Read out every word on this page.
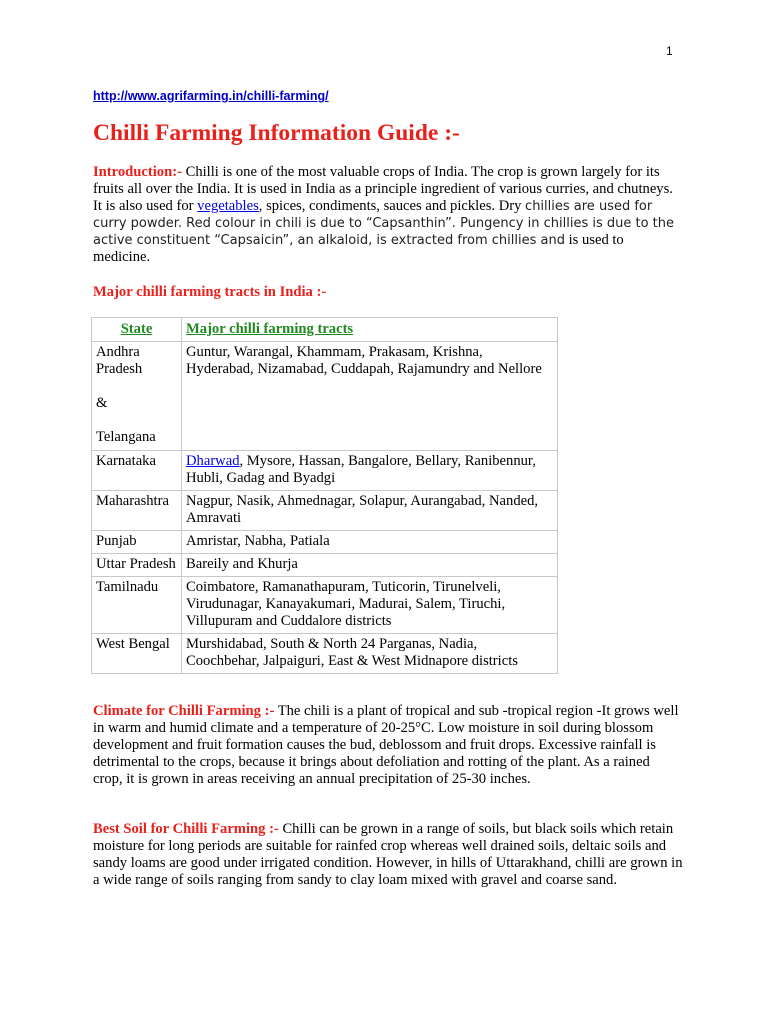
1
http://www.agrifarming.in/chilli-farming/
Chilli Farming Information Guide :-

Introduction:- Chilli is one of the most valuable crops of India. The crop is grown largely for its fruits all over the India. It is used in India as a principle ingredient of various curries, and chutneys. It is also used for vegetables, spices, condiments, sauces and pickles. Dry chillies are used for curry powder. Red colour in chili is due to “Capsanthin”. Pungency in chillies is due to the active constituent “Capsaicin”, an alkaloid, is extracted from chillies and is used to medicine.

Major chilli farming tracts in India :-
State	Major chilli farming tracts
Andhra Pradesh
&
Telangana	Guntur, Warangal, Khammam, Prakasam, Krishna, Hyderabad, Nizamabad, Cuddapah, Rajamundry and Nellore
Karnataka	Dharwad, Mysore, Hassan, Bangalore, Bellary, Ranibennur, Hubli, Gadag and Byadgi
Maharashtra	Nagpur, Nasik, Ahmednagar, Solapur, Aurangabad, Nanded, Amravati
Punjab	Amristar, Nabha, Patiala
Uttar Pradesh	Bareily and Khurja
Tamilnadu	Coimbatore, Ramanathapuram, Tuticorin, Tirunelveli, Virudunagar, Kanayakumari, Madurai, Salem, Tiruchi, Villupuram and Cuddalore districts
West Bengal	Murshidabad, South & North 24 Parganas, Nadia, Coochbehar, Jalpaiguri, East & West Midnapore districts

Climate for Chilli Farming :- The chili is a plant of tropical and sub -tropical region -It grows well in warm and humid climate and a temperature of 20-25°C. Low moisture in soil during blossom development and fruit formation causes the bud, deblossom and fruit drops. Excessive rainfall is detrimental to the crops, because it brings about defoliation and rotting of the plant. As a rained crop, it is grown in areas receiving an annual precipitation of 25-30 inches.

Best Soil for Chilli Farming :- Chilli can be grown in a range of soils, but black soils which retain moisture for long periods are suitable for rainfed crop whereas well drained soils, deltaic soils and sandy loams are good under irrigated condition. However, in hills of Uttarakhand, chilli are grown in a wide range of soils ranging from sandy to clay loam mixed with gravel and coarse sand.
